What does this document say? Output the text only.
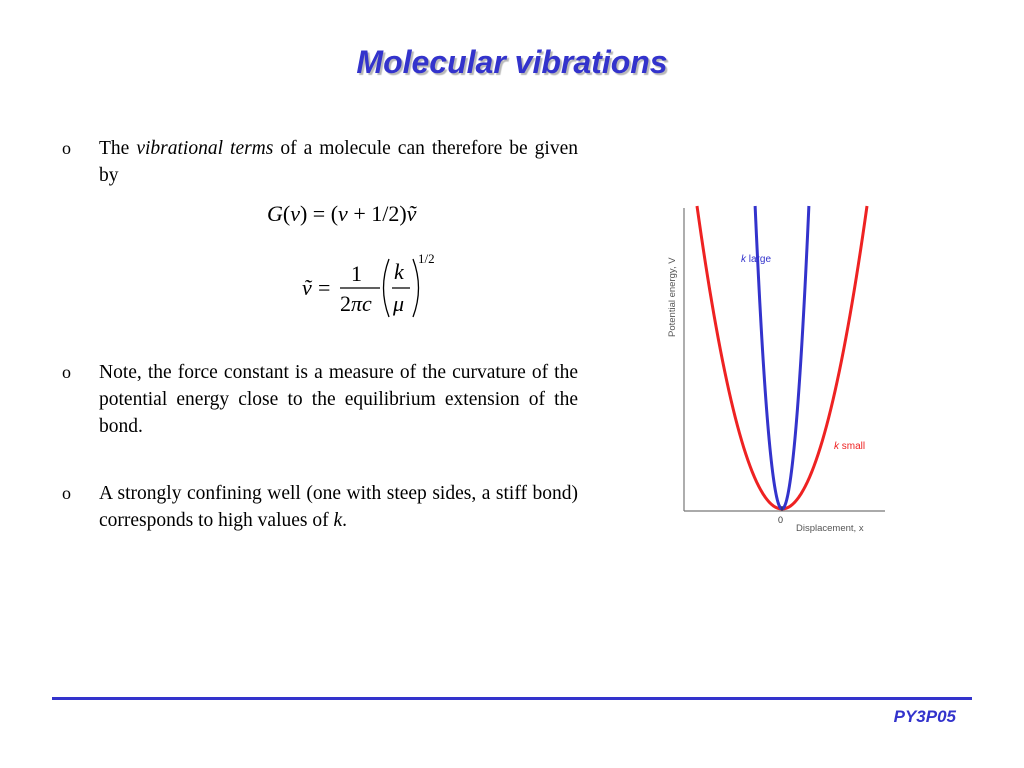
Molecular vibrations
o The vibrational terms of a molecule can therefore be given by
G(v) = (v + 1/2)ṽ
ṽ =
1
2πc
k
μ
1/2
o Note, the force constant is a measure of the curvature of the potential energy close to the equilibrium extension of the bond.
o A strongly confining well (one with steep sides, a stiff bond) corresponds to high values of k.
Potential energy, V
Displacement, x
0
k large
k small
PY3P05
